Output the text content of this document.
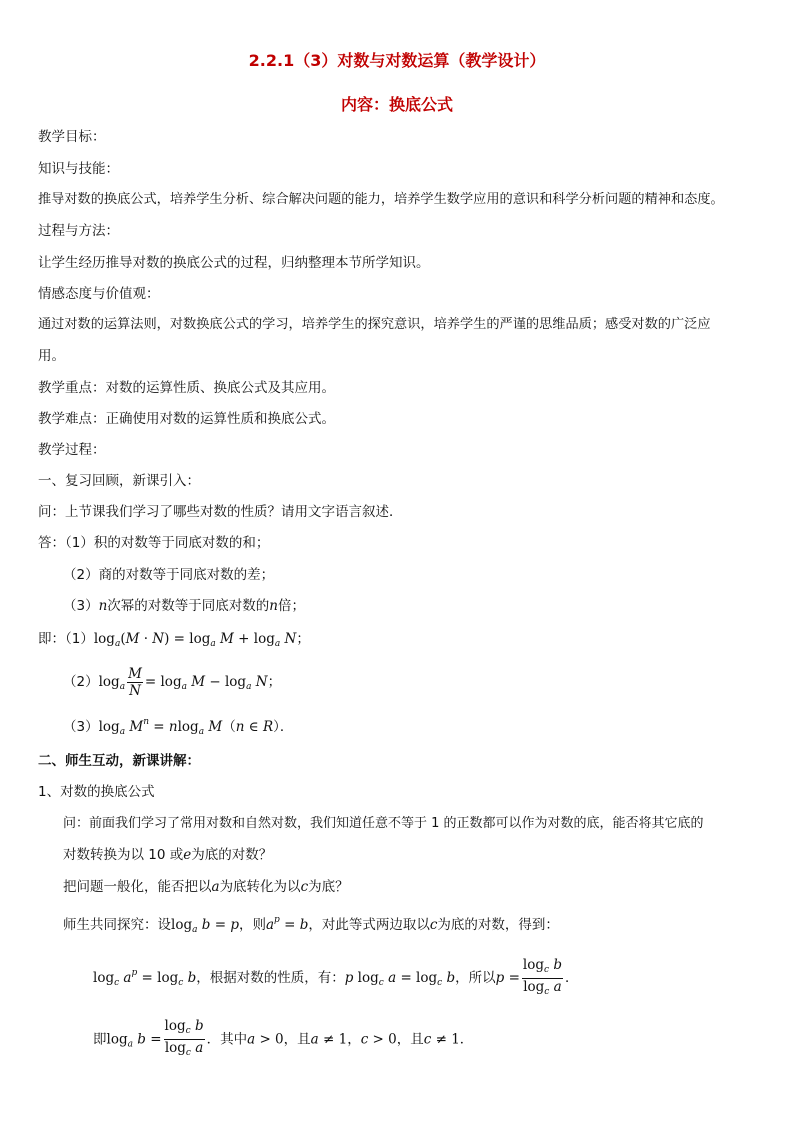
2.2.1（3）对数与对数运算（教学设计）
内容：换底公式
教学目标：
知识与技能：
推导对数的换底公式，培养学生分析、综合解决问题的能力，培养学生数学应用的意识和科学分析问题的精神和态度。
过程与方法：
让学生经历推导对数的换底公式的过程，归纳整理本节所学知识。
情感态度与价值观：
通过对数的运算法则，对数换底公式的学习，培养学生的探究意识，培养学生的严谨的思维品质；感受对数的广泛应
用。
教学重点：对数的运算性质、换底公式及其应用。
教学难点：正确使用对数的运算性质和换底公式。
教学过程：
一、复习回顾，新课引入：
问：上节课我们学习了哪些对数的性质？请用文字语言叙述．
答：（1）积的对数等于同底对数的和；
（2）商的对数等于同底对数的差；
（3）n次幂的对数等于同底对数的n倍；
即：$(1)\log_a(M \cdot N) = \log_a M + \log_a N$；
$(2)\log_a \frac{M}{N} = \log_a M - \log_a N$；
$(3)\log_a$ $M^n = nlog_a$ M（n ∈ R）．
二、师生互动，新课讲解：
1、对数的换底公式
问：前面我们学习了常用对数和自然对数，我们知道任意不等于 1 的正数都可以作为对数的底，能否将其它底的
对数转换为以 10 或e为底的对数？
把问题一般化，能否把以a为底转化为以c为底？
师生共同探究：设$\log_a b = p$，则$a^p = b$，对此等式两边取以c为底的对数，得到：
$\log_c a^p = \log_c b$，根据对数的性质，有：p $\log_c a = \log_c b$，所以$p = \frac{\log_c b}{\log_c a}$ ．
即$\log_a b = \frac{\log_c b}{\log_c a}$ ．其中a > 0，且a ≠ 1，c > 0，且c ≠ 1．
